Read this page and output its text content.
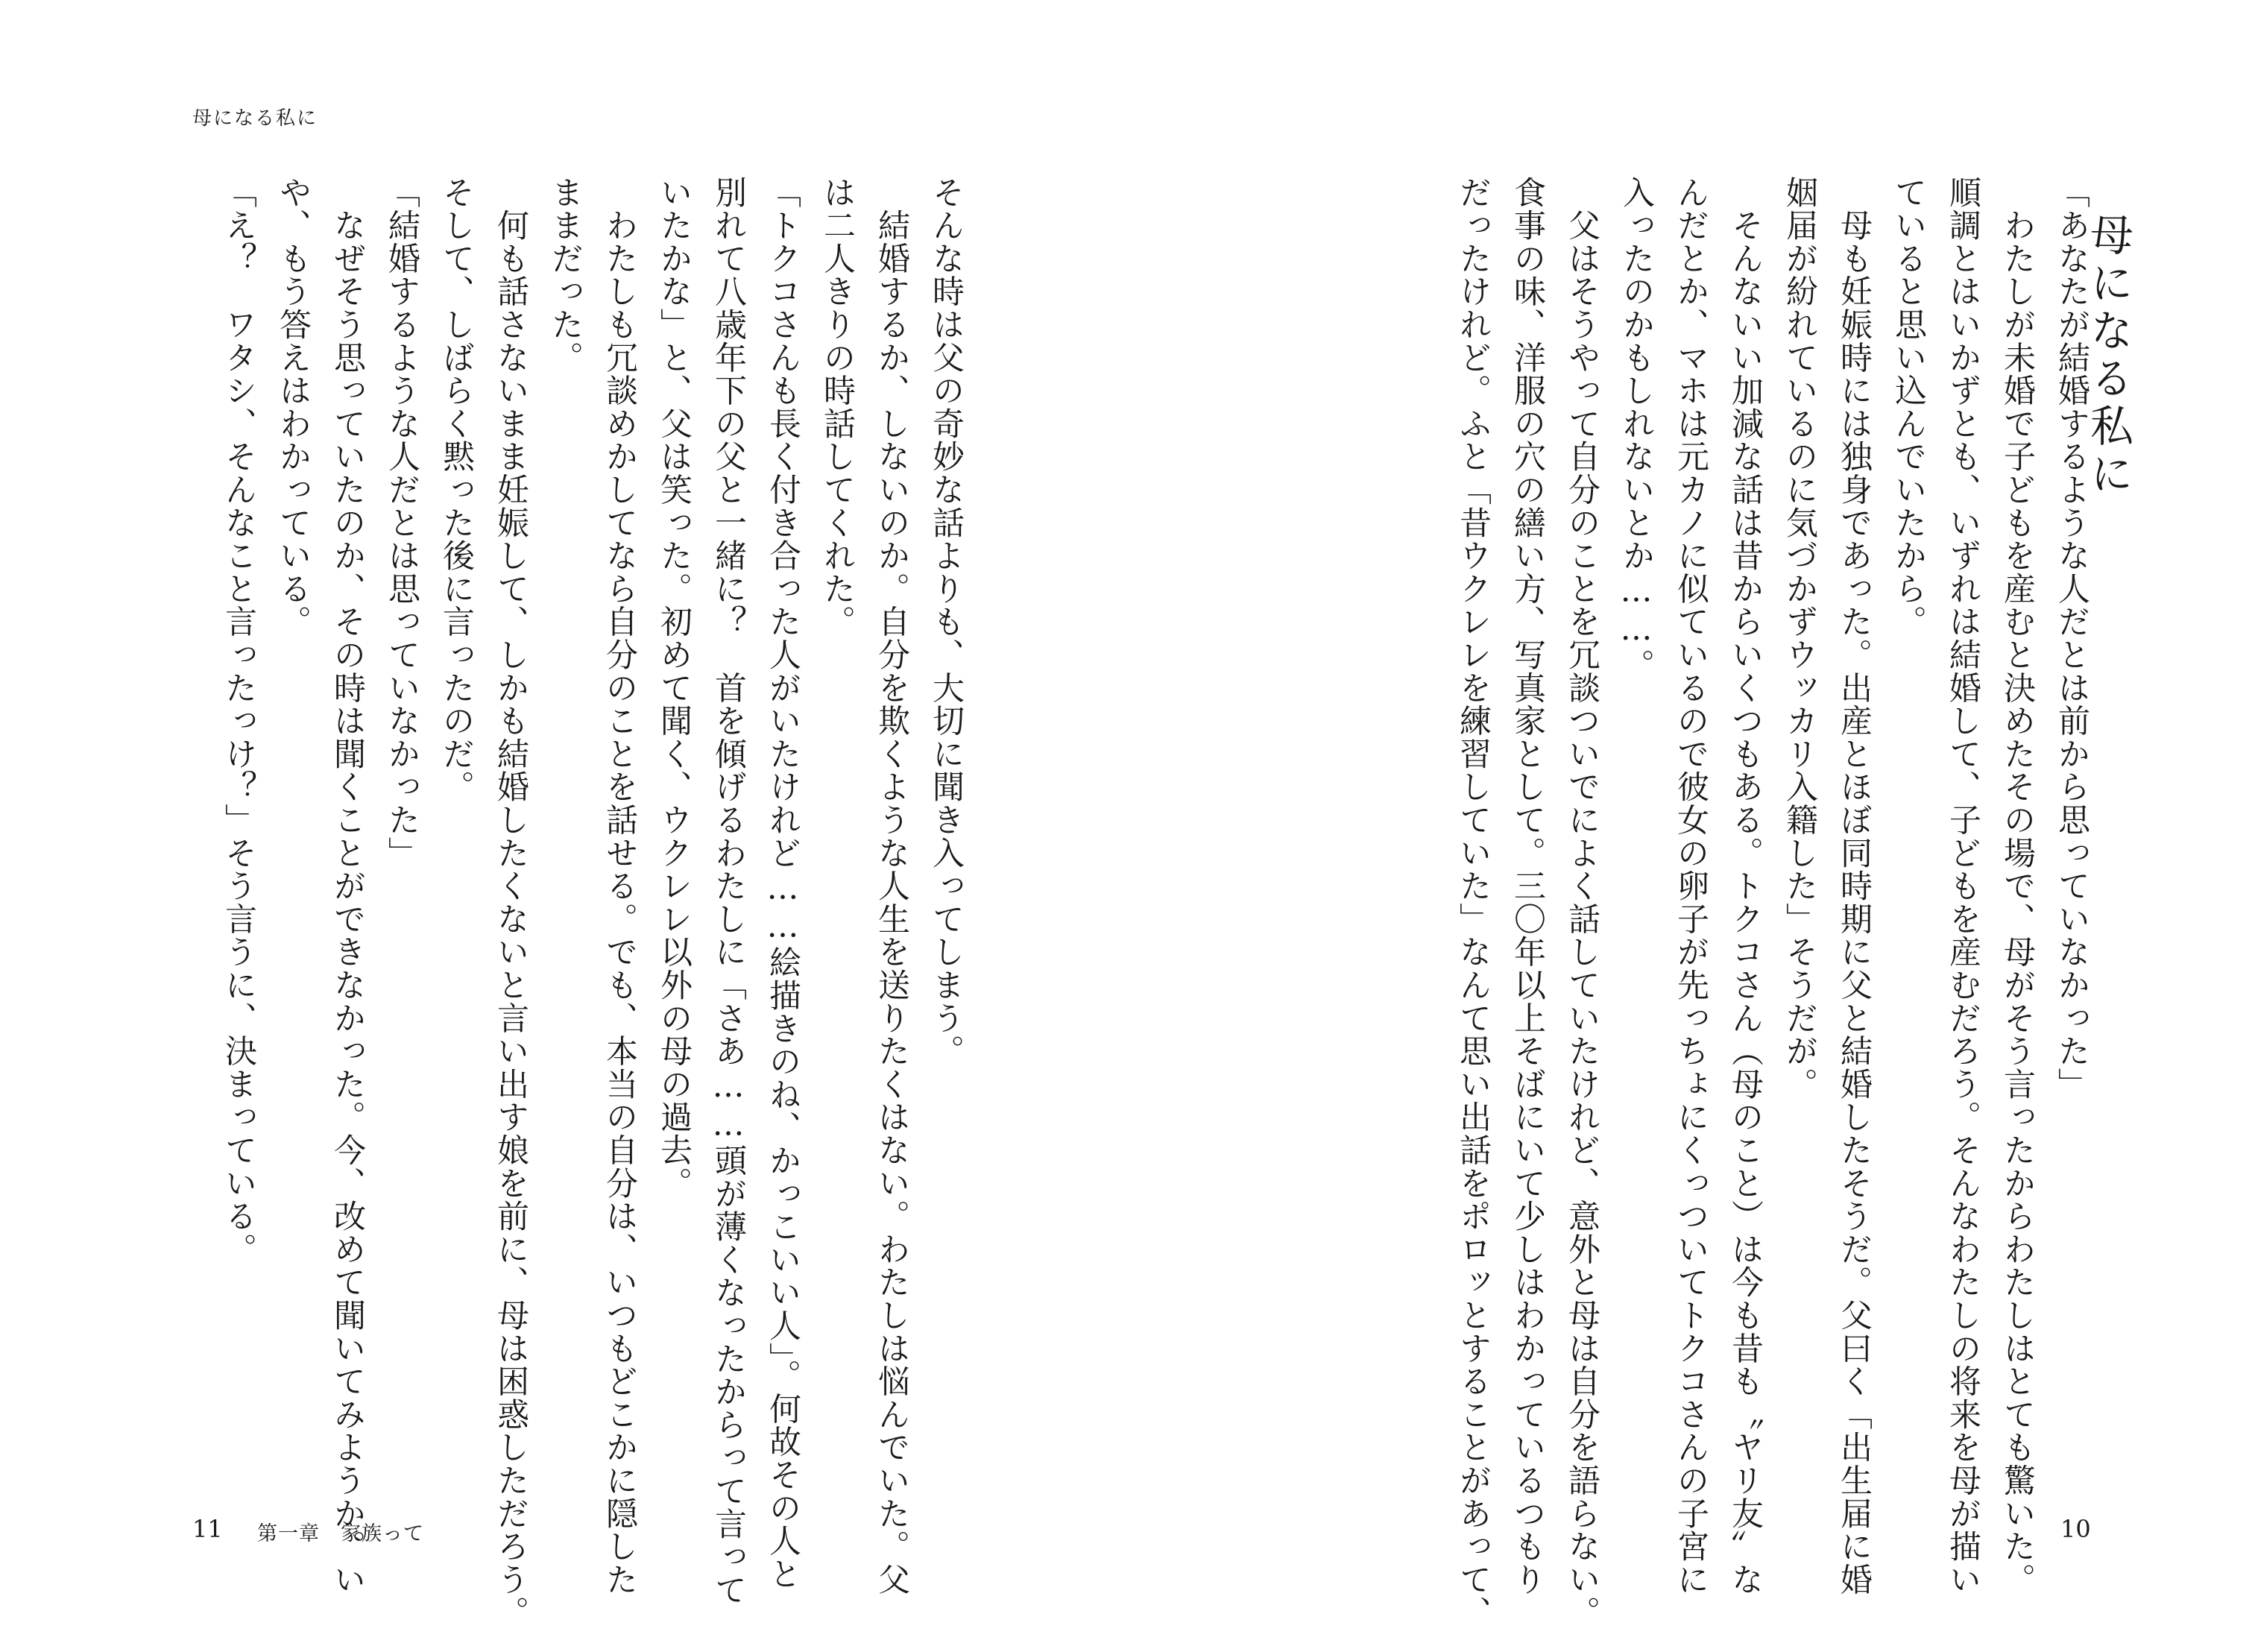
母になる私に

そんな時は父の奇妙な話よりも、大切に聞き入ってしまう。

　結婚するか、しないのか。自分を欺くような人生を送りたくはない。わたしは悩んでいた。父

は二人きりの時話してくれた。

「トクコさんも長く付き合った人がいたけれど……絵描きのね、かっこいい人」。何故その人と

別れて八歳年下の父と一緒に？　首を傾げるわたしに「さあ……頭が薄くなったからって言って

いたかな」と、父は笑った。初めて聞く、ウクレレ以外の母の過去。

　わたしも冗談めかしてなら自分のことを話せる。でも、本当の自分は、いつもどこかに隠した

ままだった。

　何も話さないまま妊娠して、しかも結婚したくないと言い出す娘を前に、母は困惑しただろう。

そして、しばらく黙った後に言ったのだ。

「結婚するような人だとは思っていなかった」

　なぜそう思っていたのか、その時は聞くことができなかった。今、改めて聞いてみようか。い

や、もう答えはわかっている。

「え？　ワタシ、そんなこと言ったっけ？」そう言うに、決まっている。

11 第一章　家族って
母になる私に

「あなたが結婚するような人だとは前から思っていなかった」

　わたしが未婚で子どもを産むと決めたその場で、母がそう言ったからわたしはとても驚いた。

順調とはいかずとも、いずれは結婚して、子どもを産むだろう。そんなわたしの将来を母が描い

ていると思い込んでいたから。

　母も妊娠時には独身であった。出産とほぼ同時期に父と結婚したそうだ。父曰く「出生届に婚

姻届が紛れているのに気づかずウッカリ入籍した」そうだが。

　そんないい加減な話は昔からいくつもある。トクコさん（母のこと）は今も昔も〝ヤリ友〟な

んだとか、マホは元カノに似ているので彼女の卵子が先っちょにくっついてトクコさんの子宮に

入ったのかもしれないとか……。

　父はそうやって自分のことを冗談ついでによく話していたけれど、意外と母は自分を語らない。

食事の味、洋服の穴の繕い方、写真家として。三〇年以上そばにいて少しはわかっているつもり

だったけれど。ふと「昔ウクレレを練習していた」なんて思い出話をポロッとすることがあって、	10
